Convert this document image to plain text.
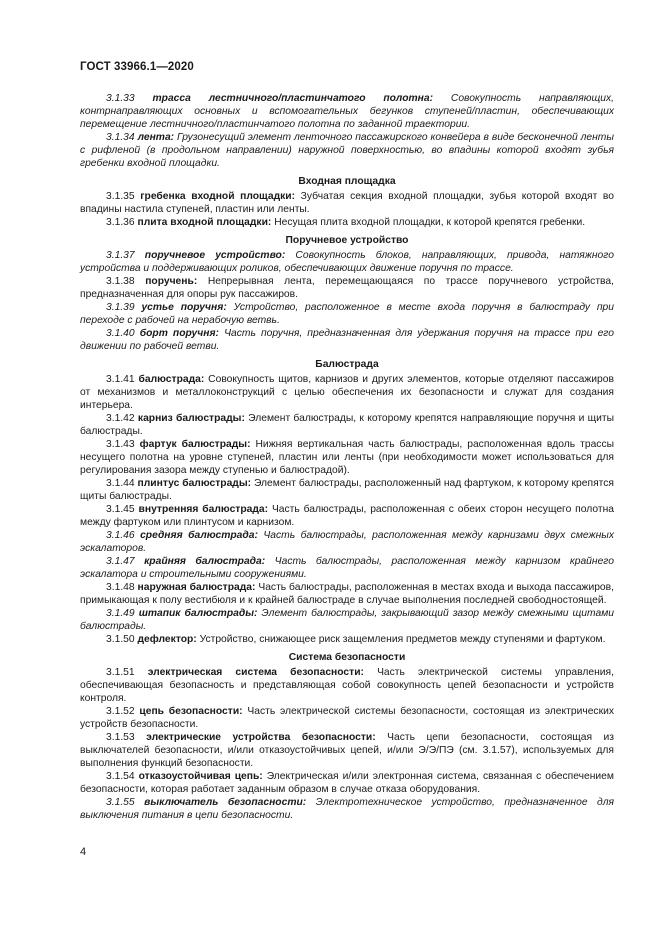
ГОСТ 33966.1—2020

3.1.33 трасса лестничного/пластинчатого полотна: Совокупность направляющих, контрнаправляющих основных и вспомогательных бегунков ступеней/пластин, обеспечивающих перемещение лестничного/пластинчатого полотна по заданной траектории.

3.1.34 лента: Грузонесущий элемент ленточного пассажирского конвейера в виде бесконечной ленты с рифленой (в продольном направлении) наружной поверхностью, во впадины которой входят зубья гребенки входной площадки.

Входная площадка

3.1.35 гребенка входной площадки: Зубчатая секция входной площадки, зубья которой входят во впадины настила ступеней, пластин или ленты.

3.1.36 плита входной площадки: Несущая плита входной площадки, к которой крепятся гребенки.

Поручневое устройство

3.1.37 поручневое устройство: Совокупность блоков, направляющих, привода, натяжного устройства и поддерживающих роликов, обеспечивающих движение поручня по трассе.

3.1.38 поручень: Непрерывная лента, перемещающаяся по трассе поручневого устройства, предназначенная для опоры рук пассажиров.

3.1.39 устье поручня: Устройство, расположенное в месте входа поручня в балюстраду при переходе с рабочей на нерабочую ветвь.

3.1.40 борт поручня: Часть поручня, предназначенная для удержания поручня на трассе при его движении по рабочей ветви.

Балюстрада

3.1.41 балюстрада: Совокупность щитов, карнизов и других элементов, которые отделяют пассажиров от механизмов и металлоконструкций с целью обеспечения их безопасности и служат для создания интерьера.

3.1.42 карниз балюстрады: Элемент балюстрады, к которому крепятся направляющие поручня и щиты балюстрады.

3.1.43 фартук балюстрады: Нижняя вертикальная часть балюстрады, расположенная вдоль трассы несущего полотна на уровне ступеней, пластин или ленты (при необходимости может использоваться для регулирования зазора между ступенью и балюстрадой).

3.1.44 плинтус балюстрады: Элемент балюстрады, расположенный над фартуком, к которому крепятся щиты балюстрады.

3.1.45 внутренняя балюстрада: Часть балюстрады, расположенная с обеих сторон несущего полотна между фартуком или плинтусом и карнизом.

3.1.46 средняя балюстрада: Часть балюстрады, расположенная между карнизами двух смежных эскалаторов.

3.1.47 крайняя балюстрада: Часть балюстрады, расположенная между карнизом крайнего эскалатора и строительными сооружениями.

3.1.48 наружная балюстрада: Часть балюстрады, расположенная в местах входа и выхода пассажиров, примыкающая к полу вестибюля и к крайней балюстраде в случае выполнения последней свободностоящей.

3.1.49 штапик балюстрады: Элемент балюстрады, закрывающий зазор между смежными щитами балюстрады.

3.1.50 дефлектор: Устройство, снижающее риск защемления предметов между ступенями и фартуком.

Система безопасности

3.1.51 электрическая система безопасности: Часть электрической системы управления, обеспечивающая безопасность и представляющая собой совокупность цепей безопасности и устройств контроля.

3.1.52 цепь безопасности: Часть электрической системы безопасности, состоящая из электрических устройств безопасности.

3.1.53 электрические устройства безопасности: Часть цепи безопасности, состоящая из выключателей безопасности, и/или отказоустойчивых цепей, и/или Э/Э/ПЭ (см. 3.1.57), используемых для выполнения функций безопасности.

3.1.54 отказоустойчивая цепь: Электрическая и/или электронная система, связанная с обеспечением безопасности, которая работает заданным образом в случае отказа оборудования.

3.1.55 выключатель безопасности: Электротехническое устройство, предназначенное для выключения питания в цепи безопасности.

4
